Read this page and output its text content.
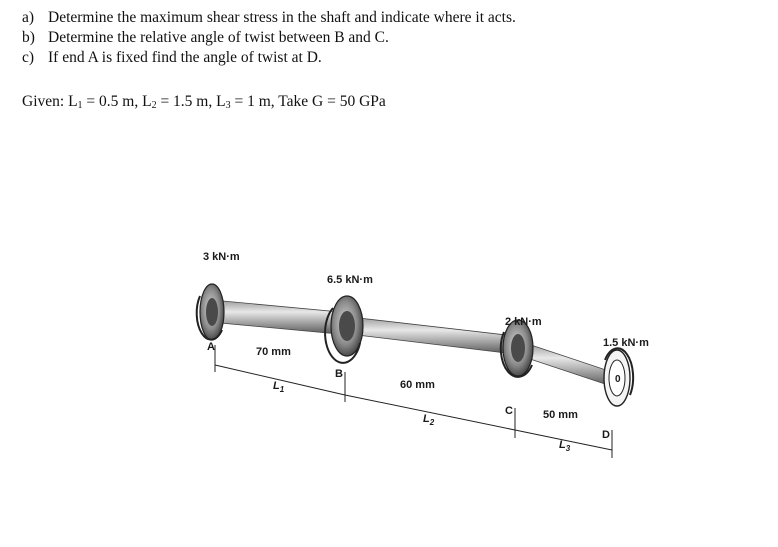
a) Determine the maximum shear stress in the shaft and indicate where it acts.
b) Determine the relative angle of twist between B and C.
c) If end A is fixed find the angle of twist at D.
Given: $L_1 = 0.5$ m, $L_2 = 1.5$ m, $L_3 = 1$ m, Take G = 50 GPa
3 kN·m
6.5 kN·m
2 kN·m
1.5 kN·m
A
B
C
D
70 mm
60 mm
50 mm
$L_1$
$L_2$
$L_3$
0
